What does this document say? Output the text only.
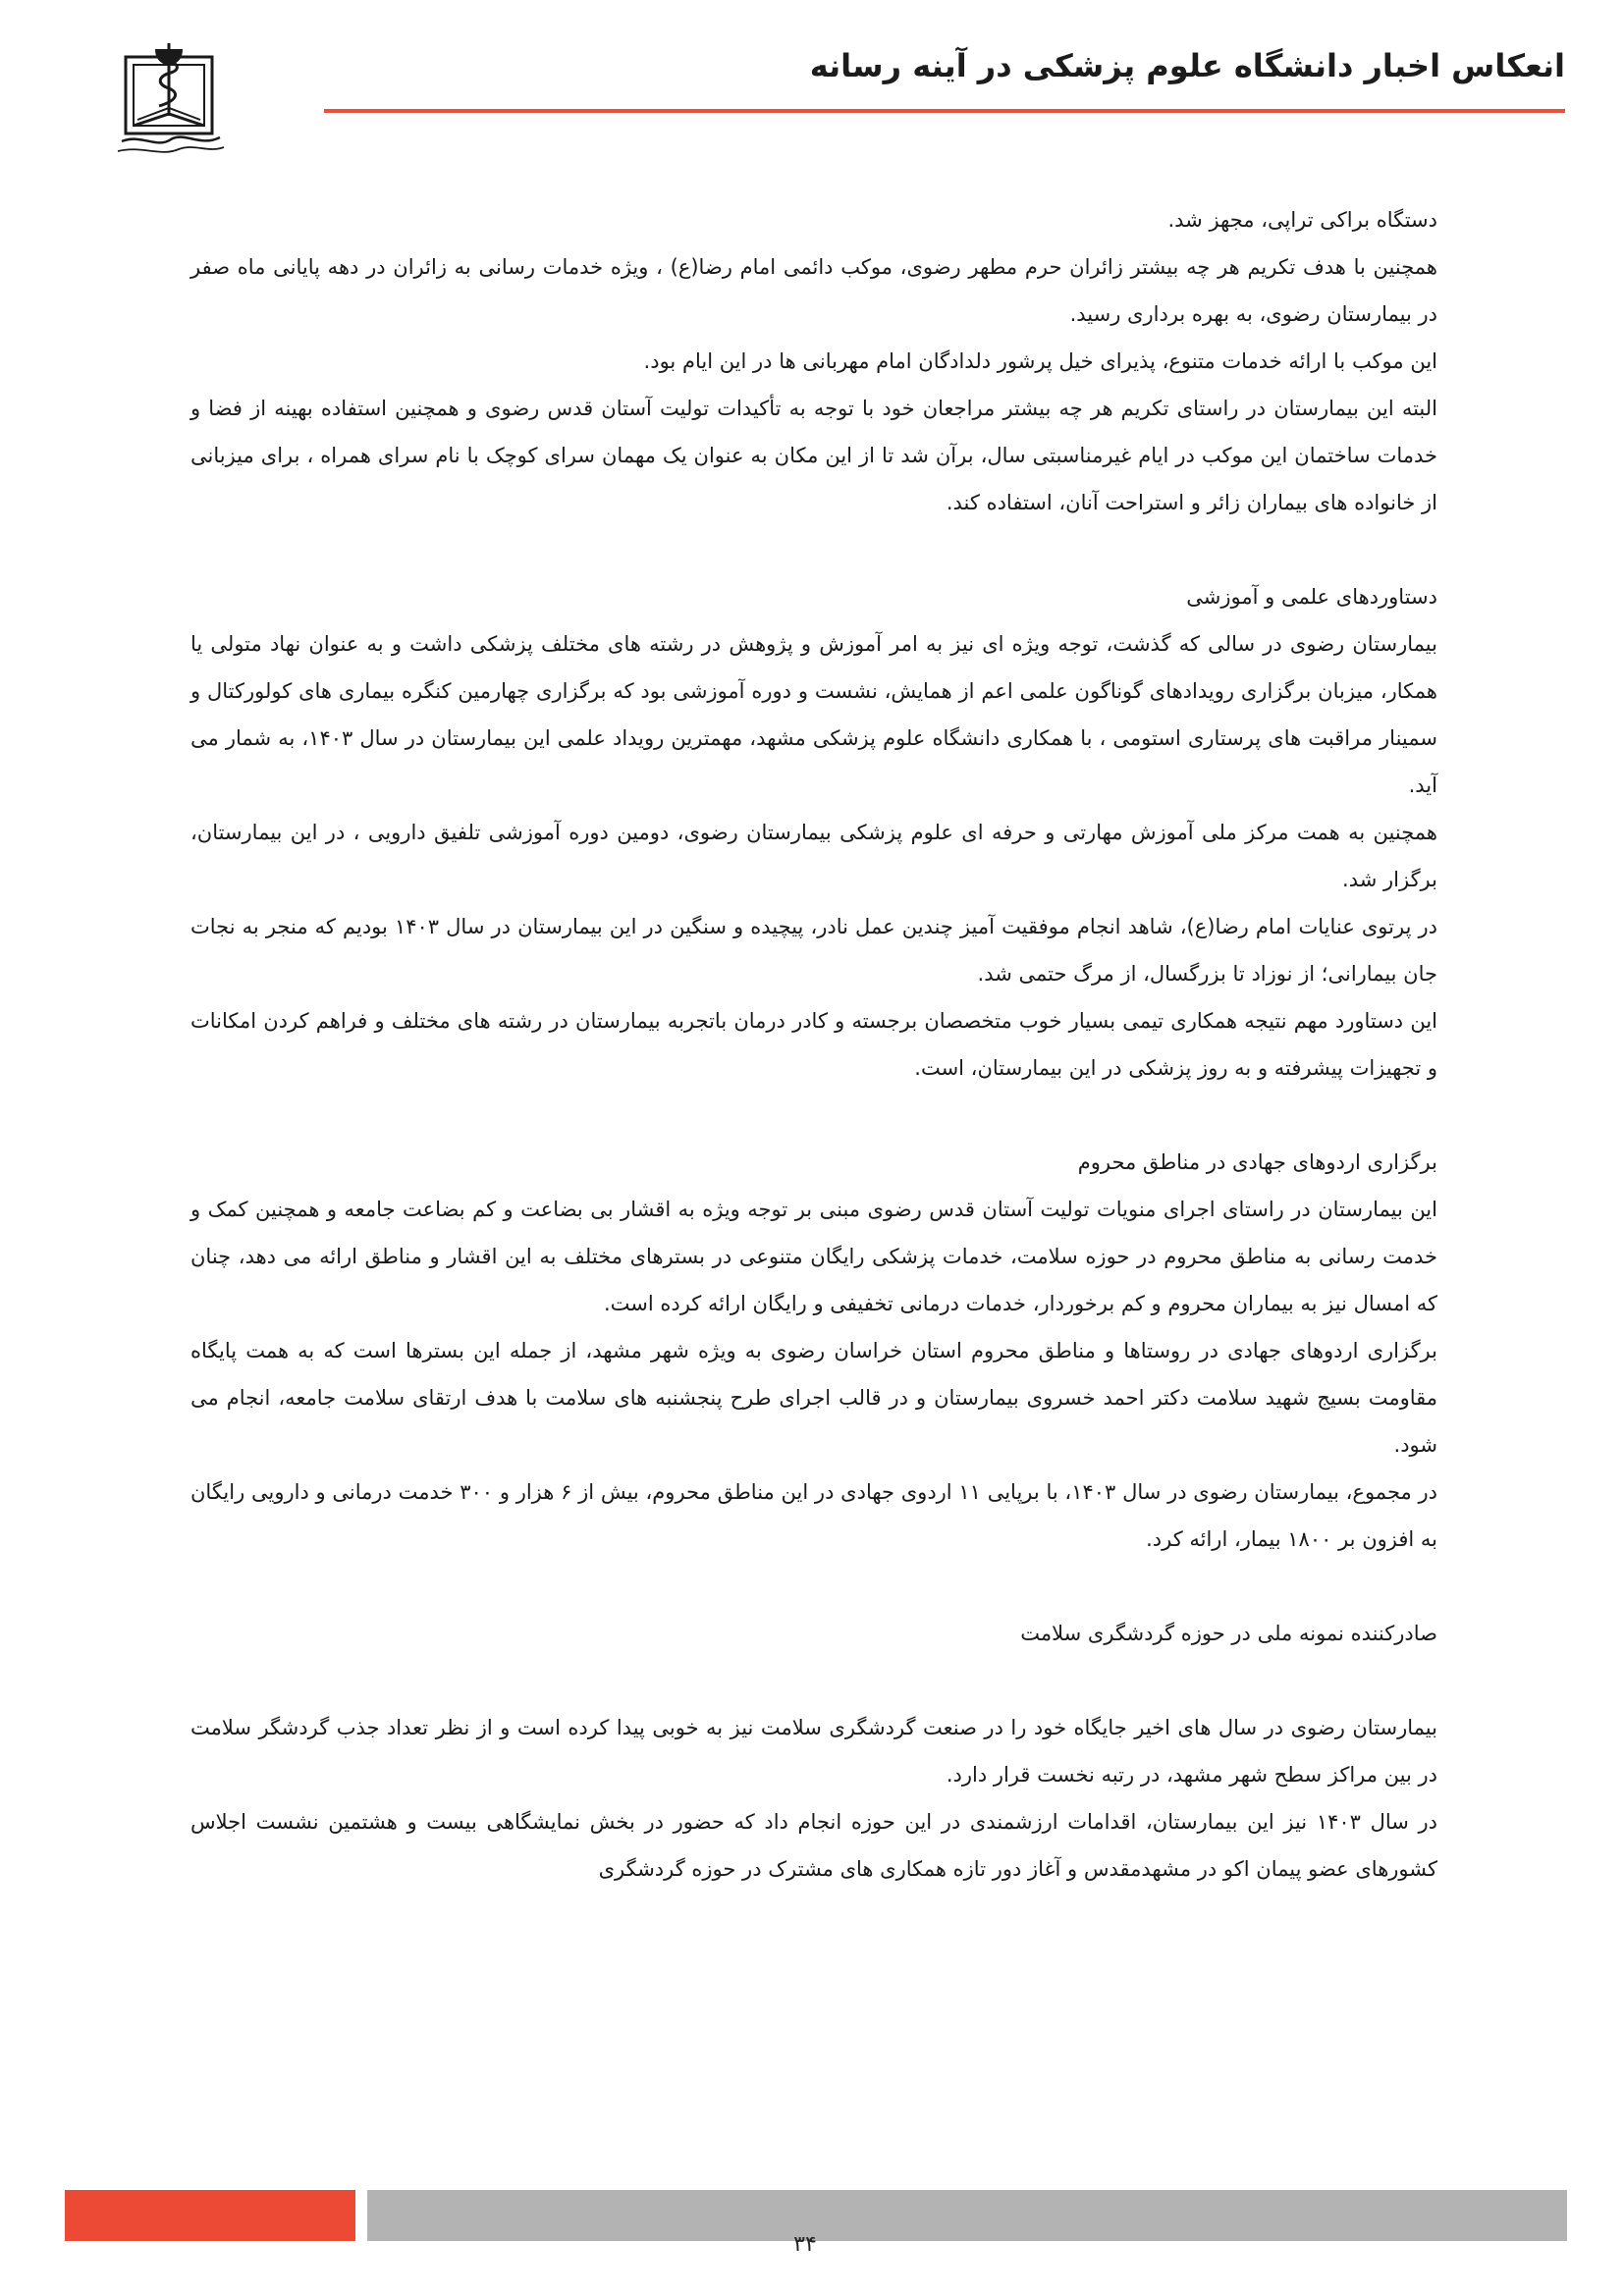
انعکاس اخبار دانشگاه علوم پزشکی در آینه رسانه

دستگاه براکی تراپی، مجهز شد.

همچنین با هدف تکریم هر چه بیشتر زائران حرم مطهر رضوی، موکب دائمی امام رضا(ع) ، ویژه خدمات رسانی به زائران در دهه پایانی ماه صفر در بیمارستان رضوی، به بهره برداری رسید.

این موکب با ارائه خدمات متنوع، پذیرای خیل پرشور دلدادگان امام مهربانی ها در این ایام بود.

البته این بیمارستان در راستای تکریم هر چه بیشتر مراجعان خود با توجه به تأکیدات تولیت آستان قدس رضوی و همچنین استفاده بهینه از فضا و خدمات ساختمان این موکب در ایام غیرمناسبتی سال، برآن شد تا از این مکان به عنوان یک مهمان سرای کوچک با نام سرای همراه ، برای میزبانی از خانواده های بیماران زائر و استراحت آنان، استفاده کند.

دستاوردهای علمی و آموزشی

بیمارستان رضوی در سالی که گذشت، توجه ویژه ای نیز به امر آموزش و پژوهش در رشته های مختلف پزشکی داشت و به عنوان نهاد متولی یا همکار، میزبان برگزاری رویدادهای گوناگون علمی اعم از همایش، نشست و دوره آموزشی بود که برگزاری چهارمین کنگره بیماری های کولورکتال و سمینار مراقبت های پرستاری استومی ، با همکاری دانشگاه علوم پزشکی مشهد، مهمترین رویداد علمی این بیمارستان در سال ۱۴۰۳، به شمار می آید.

همچنین به همت مرکز ملی آموزش مهارتی و حرفه ای علوم پزشکی بیمارستان رضوی، دومین دوره آموزشی تلفیق دارویی ، در این بیمارستان، برگزار شد.

در پرتوی عنایات امام رضا(ع)، شاهد انجام موفقیت آمیز چندین عمل نادر، پیچیده و سنگین در این بیمارستان در سال ۱۴۰۳ بودیم که منجر به نجات جان بیمارانی؛ از نوزاد تا بزرگسال، از مرگ حتمی شد.

این دستاورد مهم نتیجه همکاری تیمی بسیار خوب متخصصان برجسته و کادر درمان باتجربه بیمارستان در رشته های مختلف و فراهم کردن امکانات و تجهیزات پیشرفته و به روز پزشکی در این بیمارستان، است.

برگزاری اردوهای جهادی در مناطق محروم

این بیمارستان در راستای اجرای منویات تولیت آستان قدس رضوی مبنی بر توجه ویژه به اقشار بی بضاعت و کم بضاعت جامعه و همچنین کمک و خدمت رسانی به مناطق محروم در حوزه سلامت، خدمات پزشکی رایگان متنوعی در بسترهای مختلف به این اقشار و مناطق ارائه می دهد، چنان که امسال نیز به بیماران محروم و کم برخوردار، خدمات درمانی تخفیفی و رایگان ارائه کرده است.

برگزاری اردوهای جهادی در روستاها و مناطق محروم استان خراسان رضوی به ویژه شهر مشهد، از جمله این بسترها است که به همت پایگاه مقاومت بسیج شهید سلامت دکتر احمد خسروی بیمارستان و در قالب اجرای طرح پنجشنبه های سلامت با هدف ارتقای سلامت جامعه، انجام می شود.

در مجموع، بیمارستان رضوی در سال ۱۴۰۳، با برپایی ۱۱ اردوی جهادی در این مناطق محروم، بیش از ۶ هزار و ۳۰۰ خدمت درمانی و دارویی رایگان به افزون بر ۱۸۰۰ بیمار، ارائه کرد.

صادرکننده نمونه ملی در حوزه گردشگری سلامت

بیمارستان رضوی در سال های اخیر جایگاه خود را در صنعت گردشگری سلامت نیز به خوبی پیدا کرده است و از نظر تعداد جذب گردشگر سلامت در بین مراکز سطح شهر مشهد، در رتبه نخست قرار دارد.

در سال ۱۴۰۳ نیز این بیمارستان، اقدامات ارزشمندی در این حوزه انجام داد که حضور در بخش نمایشگاهی بیست و هشتمین نشست اجلاس کشورهای عضو پیمان اکو در مشهدمقدس و آغاز دور تازه همکاری های مشترک در حوزه گردشگری

۳۴
